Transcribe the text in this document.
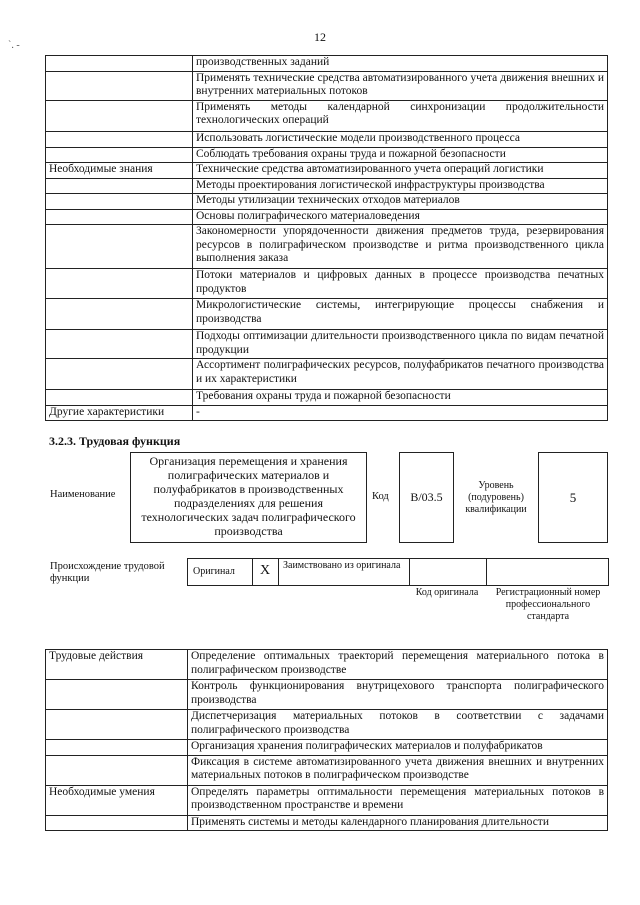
12
`. -
	производственных заданий
	Применять технические средства автоматизированного учета движения внешних и внутренних материальных потоков
	Применять методы календарной синхронизации продолжительности технологических операций
	Использовать логистические модели производственного процесса
	Соблюдать требования охраны труда и пожарной безопасности
Необходимые знания	Технические средства автоматизированного учета операций логистики
	Методы проектирования логистической инфраструктуры производства
	Методы утилизации технических отходов материалов
	Основы полиграфического материаловедения
	Закономерности упорядоченности движения предметов труда, резервирования ресурсов в полиграфическом производстве и ритма производственного цикла выполнения заказа
	Потоки материалов и цифровых данных в процессе производства печатных продуктов
	Микрологистические системы, интегрирующие процессы снабжения и производства
	Подходы оптимизации длительности производственного цикла по видам печатной продукции
	Ассортимент полиграфических ресурсов, полуфабрикатов печатного производства и их характеристики
	Требования охраны труда и пожарной безопасности
Другие характеристики	-
3.2.3. Трудовая функция
Наименование
Организация перемещения и хранения полиграфических материалов и полуфабрикатов в производственных подразделениях для решения технологических задач полиграфического производства
Код	B/03.5
Уровень (подуровень) квалификации
5
Происхождение трудовой функции
Оригинал	X	Заимствовано из оригинала
Код оригинала	Регистрационный номер профессионального стандарта
Трудовые действия	Определение оптимальных траекторий перемещения материального потока в полиграфическом производстве
	Контроль функционирования внутрицехового транспорта полиграфического производства
	Диспетчеризация материальных потоков в соответствии с задачами полиграфического производства
	Организация хранения полиграфических материалов и полуфабрикатов
	Фиксация в системе автоматизированного учета движения внешних и внутренних материальных потоков в полиграфическом производстве
Необходимые умения	Определять параметры оптимальности перемещения материальных потоков в производственном пространстве и времени
	Применять системы и методы календарного планирования длительности
